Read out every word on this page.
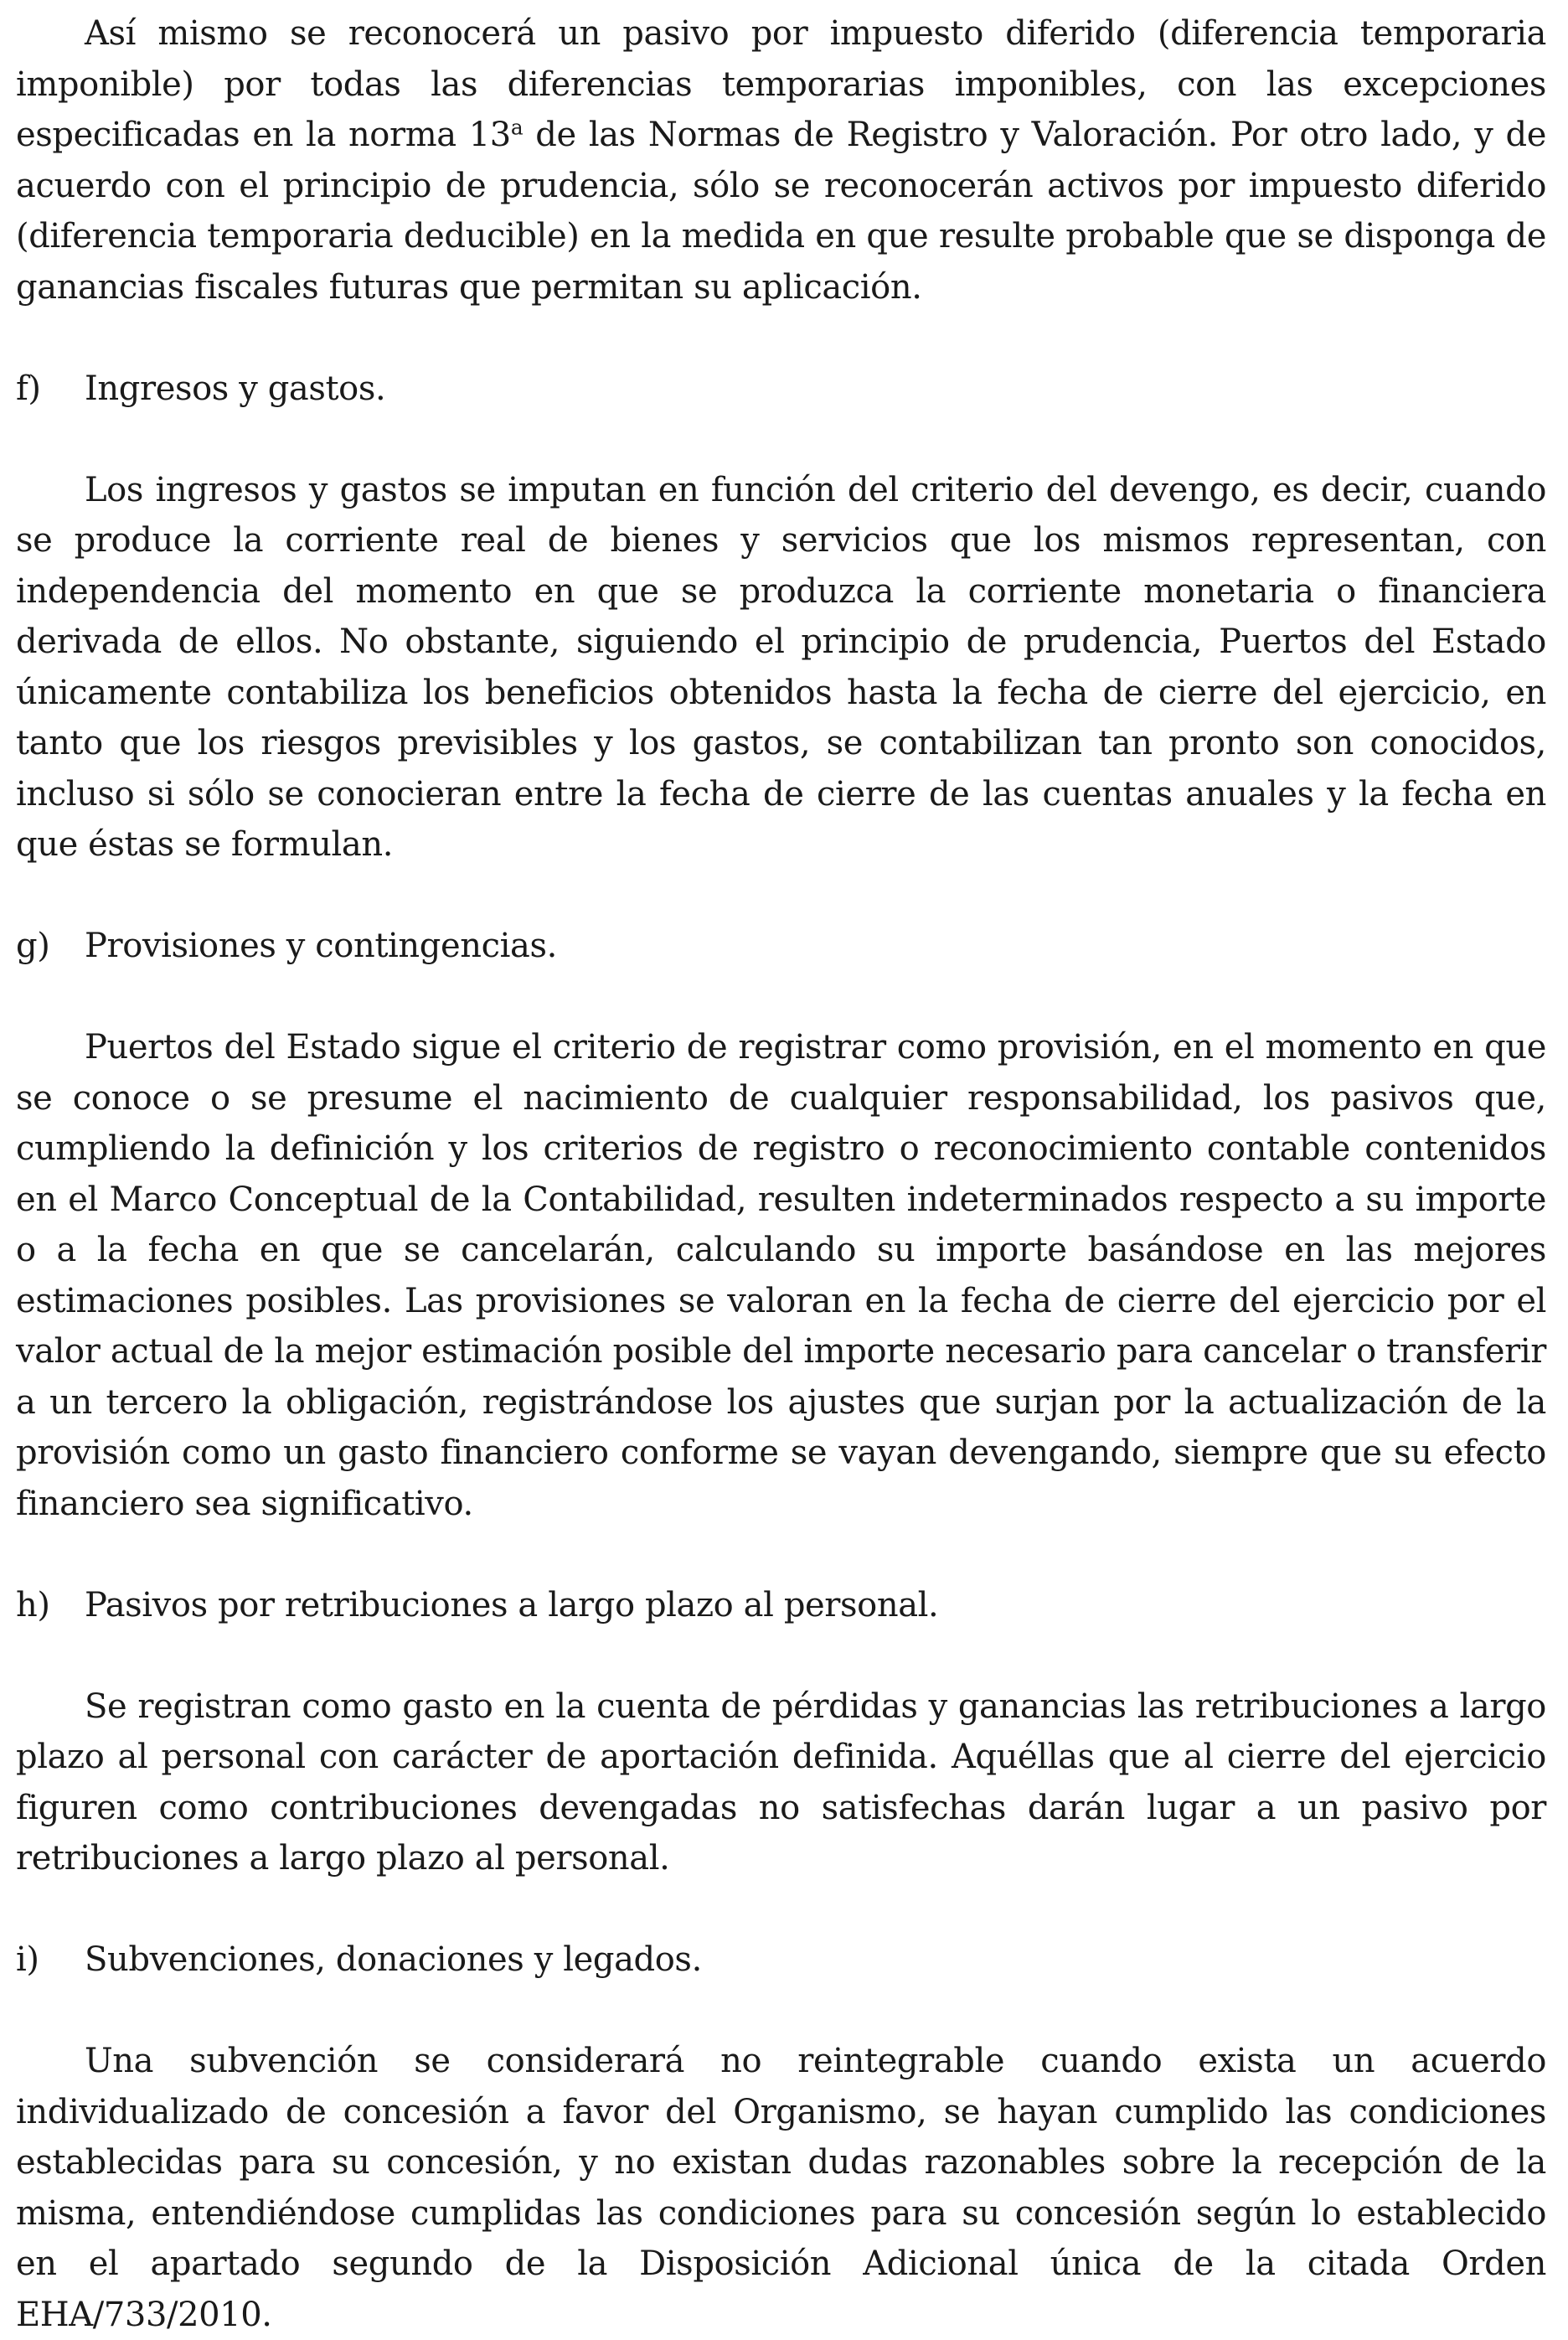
Así mismo se reconocerá un pasivo por impuesto diferido (diferencia temporaria imponible) por todas las diferencias temporarias imponibles, con las excepciones especificadas en la norma 13$^a$ de las Normas de Registro y Valoración. Por otro lado, y de acuerdo con el principio de prudencia, sólo se reconocerán activos por impuesto diferido (diferencia temporaria deducible) en la medida en que resulte probable que se disponga de ganancias fiscales futuras que permitan su aplicación.

f)	Ingresos y gastos.

Los ingresos y gastos se imputan en función del criterio del devengo, es decir, cuando se produce la corriente real de bienes y servicios que los mismos representan, con independencia del momento en que se produzca la corriente monetaria o financiera derivada de ellos. No obstante, siguiendo el principio de prudencia, Puertos del Estado únicamente contabiliza los beneficios obtenidos hasta la fecha de cierre del ejercicio, en tanto que los riesgos previsibles y los gastos, se contabilizan tan pronto son conocidos, incluso si sólo se conocieran entre la fecha de cierre de las cuentas anuales y la fecha en que éstas se formulan.

g)	Provisiones y contingencias.

Puertos del Estado sigue el criterio de registrar como provisión, en el momento en que se conoce o se presume el nacimiento de cualquier responsabilidad, los pasivos que, cumpliendo la definición y los criterios de registro o reconocimiento contable contenidos en el Marco Conceptual de la Contabilidad, resulten indeterminados respecto a su importe o a la fecha en que se cancelarán, calculando su importe basándose en las mejores estimaciones posibles. Las provisiones se valoran en la fecha de cierre del ejercicio por el valor actual de la mejor estimación posible del importe necesario para cancelar o transferir a un tercero la obligación, registrándose los ajustes que surjan por la actualización de la provisión como un gasto financiero conforme se vayan devengando, siempre que su efecto financiero sea significativo.

h)	Pasivos por retribuciones a largo plazo al personal.

Se registran como gasto en la cuenta de pérdidas y ganancias las retribuciones a largo plazo al personal con carácter de aportación definida. Aquéllas que al cierre del ejercicio figuren como contribuciones devengadas no satisfechas darán lugar a un pasivo por retribuciones a largo plazo al personal.

i)	Subvenciones, donaciones y legados.

Una subvención se considerará no reintegrable cuando exista un acuerdo individualizado de concesión a favor del Organismo, se hayan cumplido las condiciones establecidas para su concesión, y no existan dudas razonables sobre la recepción de la misma, entendiéndose cumplidas las condiciones para su concesión según lo establecido en el apartado segundo de la Disposición Adicional única de la citada Orden EHA/733/2010.
